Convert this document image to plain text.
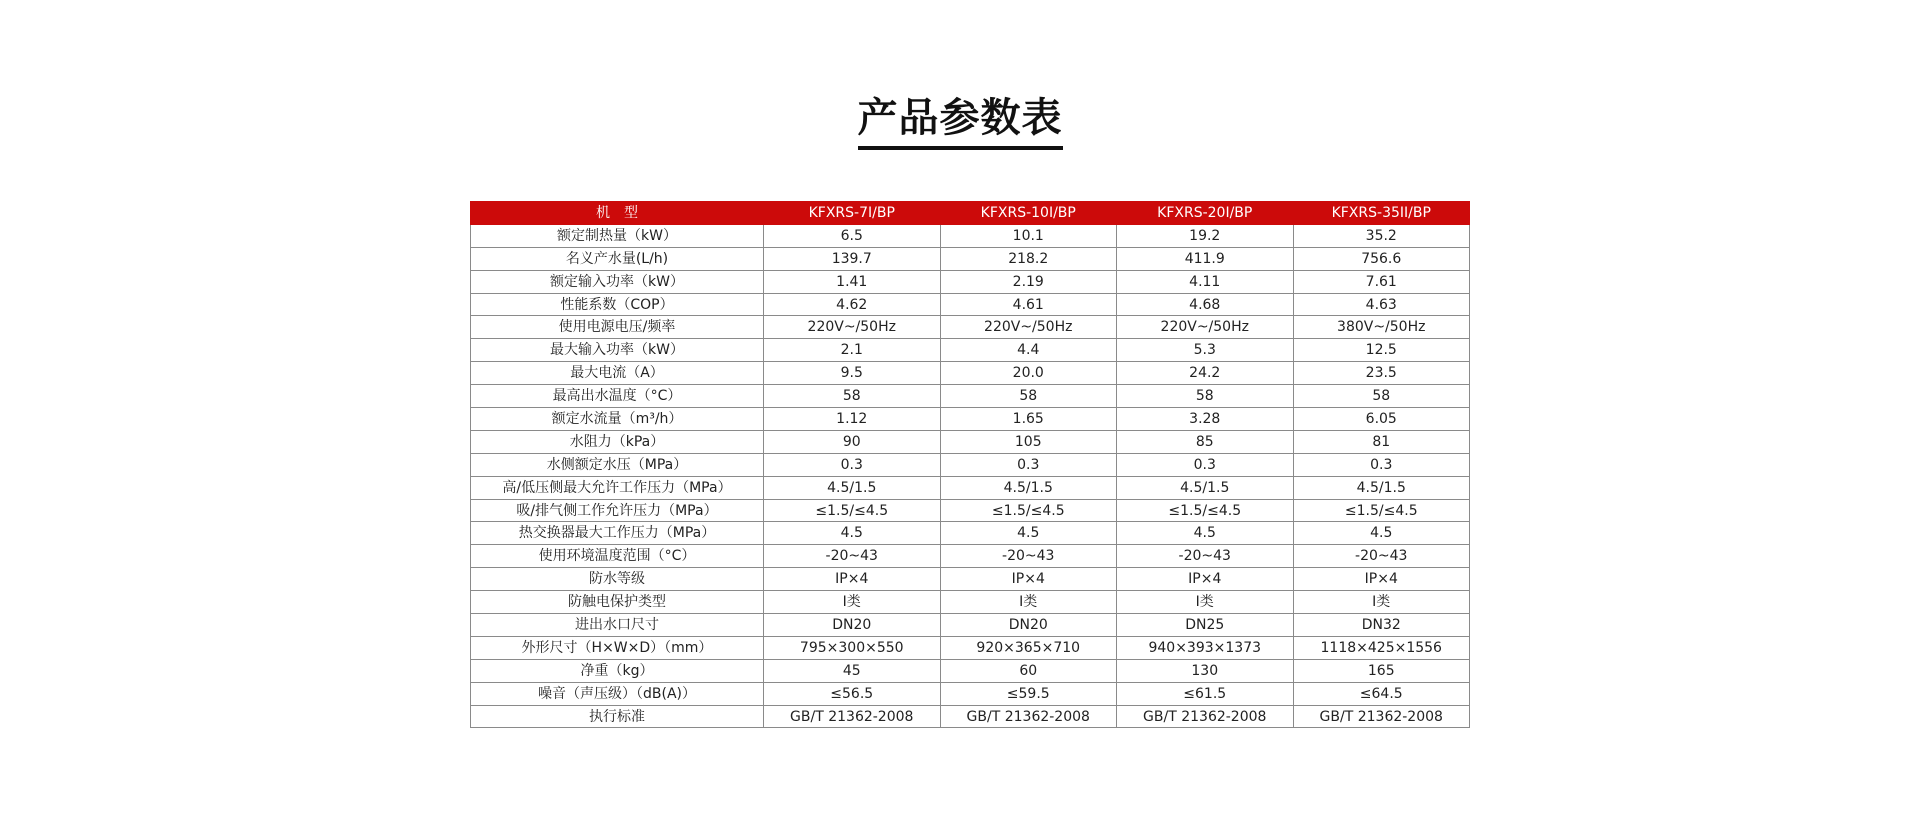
产品参数表
机　型	KFXRS-7I/BP	KFXRS-10I/BP	KFXRS-20I/BP	KFXRS-35II/BP
额定制热量（kW）	6.5	10.1	19.2	35.2
名义产水量(L/h)	139.7	218.2	411.9	756.6
额定输入功率（kW）	1.41	2.19	4.11	7.61
性能系数（COP）	4.62	4.61	4.68	4.63
使用电源电压/频率	220V~/50Hz	220V~/50Hz	220V~/50Hz	380V~/50Hz
最大输入功率（kW）	2.1	4.4	5.3	12.5
最大电流（A）	9.5	20.0	24.2	23.5
最高出水温度（°C）	58	58	58	58
额定水流量（m³/h）	1.12	1.65	3.28	6.05
水阻力（kPa）	90	105	85	81
水侧额定水压（MPa）	0.3	0.3	0.3	0.3
高/低压侧最大允许工作压力（MPa）	4.5/1.5	4.5/1.5	4.5/1.5	4.5/1.5
吸/排气侧工作允许压力（MPa）	≤1.5/≤4.5	≤1.5/≤4.5	≤1.5/≤4.5	≤1.5/≤4.5
热交换器最大工作压力（MPa）	4.5	4.5	4.5	4.5
使用环境温度范围（°C）	-20~43	-20~43	-20~43	-20~43
防水等级	IP×4	IP×4	IP×4	IP×4
防触电保护类型	I类	I类	I类	I类
进出水口尺寸	DN20	DN20	DN25	DN32
外形尺寸（H×W×D）（mm）	795×300×550	920×365×710	940×393×1373	1118×425×1556
净重（kg）	45	60	130	165
噪音（声压级）（dB(A)）	≤56.5	≤59.5	≤61.5	≤64.5
执行标准	GB/T 21362-2008	GB/T 21362-2008	GB/T 21362-2008	GB/T 21362-2008
